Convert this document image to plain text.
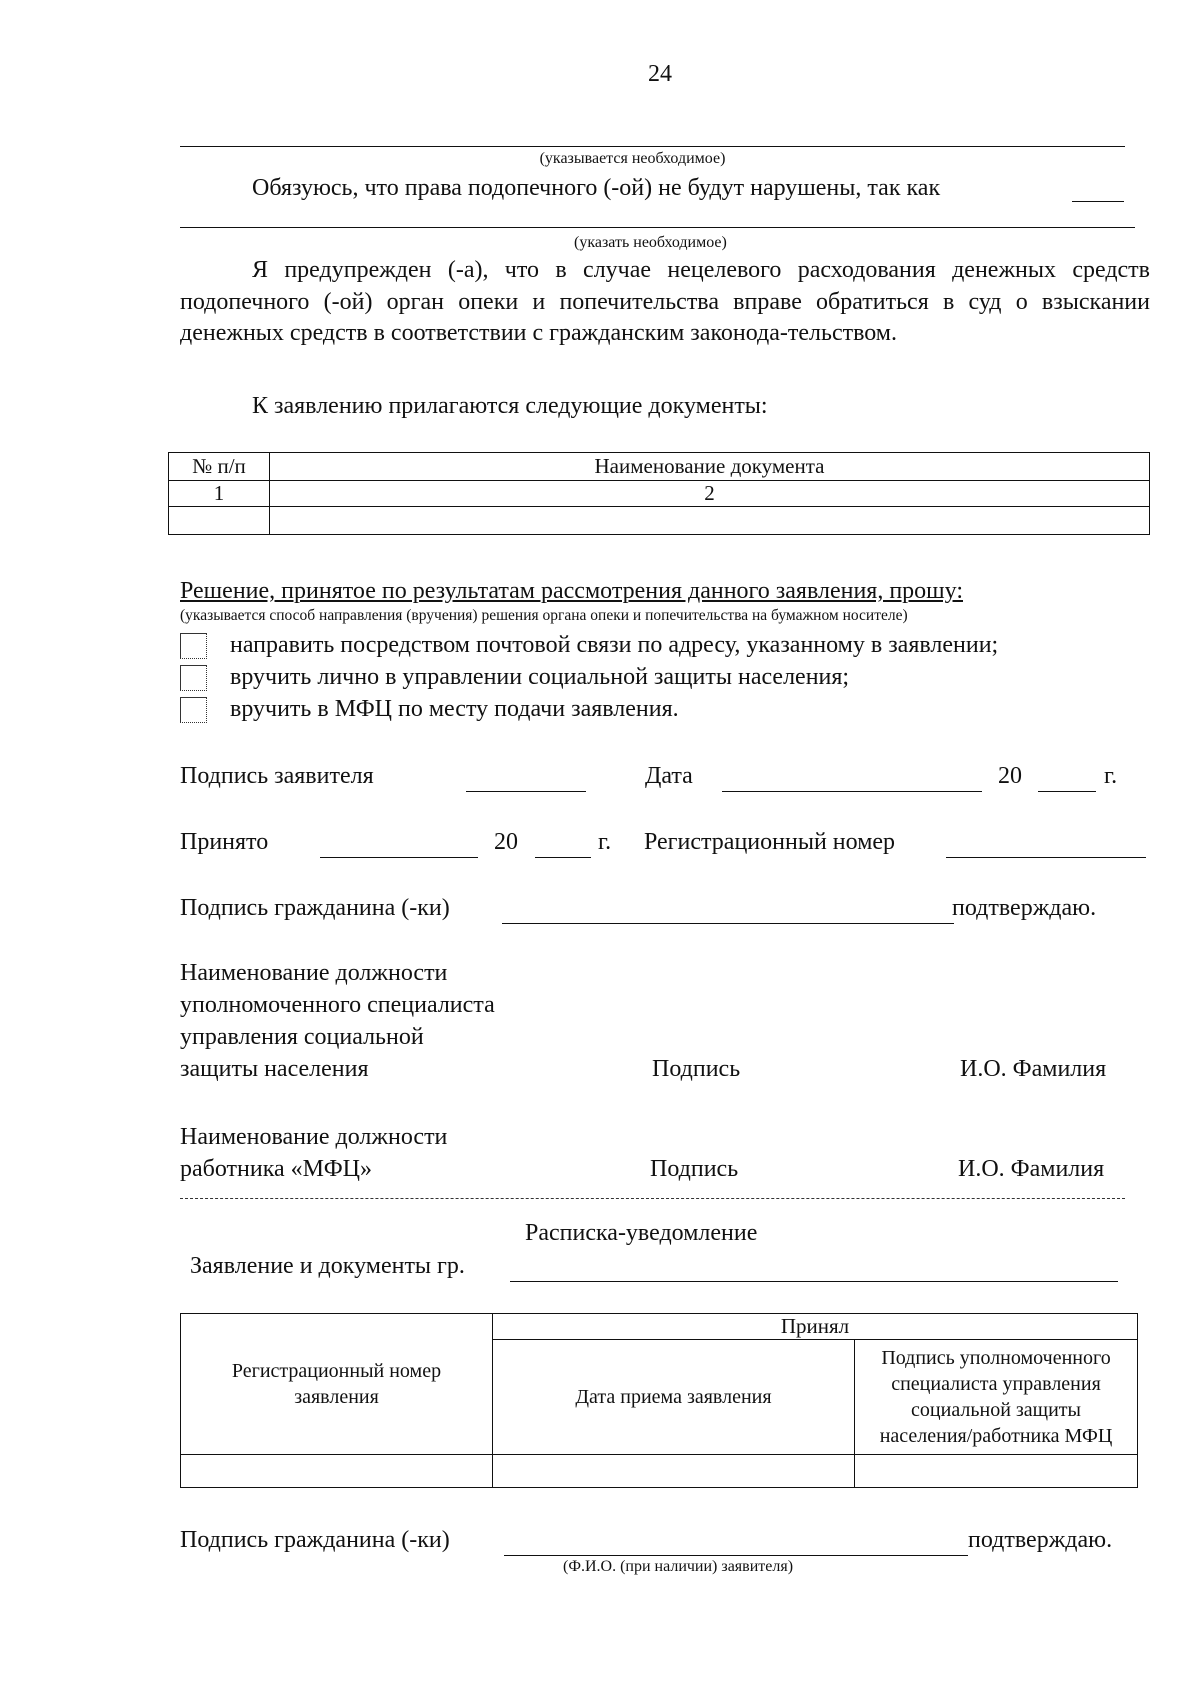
24
(указывается необходимое)
Обязуюсь, что права подопечного (-ой) не будут нарушены, так как
(указать необходимое)
Я предупрежден (-а), что в случае нецелевого расходования денежных средств подопечного (-ой) орган опеки и попечительства вправе обратиться в суд о взыскании денежных средств в соответствии с гражданским законода-тельством.
К заявлению прилагаются следующие документы:
№ п/п	Наименование документа
1	2

Решение, принятое по результатам рассмотрения данного заявления, прошу:
(указывается способ направления (вручения) решения органа опеки и попечительства на бумажном носителе)
направить посредством почтовой связи по адресу, указанному в заявлении;
вручить лично в управлении социальной защиты населения;
вручить в МФЦ по месту подачи заявления.
Подпись заявителя	Дата	20	г.
Принято	20	г. Регистрационный номер
Подпись гражданина (-ки)	подтверждаю.
Наименование должности
уполномоченного специалиста
управления социальной
защиты населения	Подпись	И.О. Фамилия
Наименование должности
работника «МФЦ»	Подпись	И.О. Фамилия
Расписка-уведомление
Заявление и документы гр.
Регистрационный номер заявления	Принял	
	Дата приема заявления	Подпись уполномоченного специалиста управления социальной защиты населения/работника МФЦ

Подпись гражданина (-ки)	подтверждаю.
(Ф.И.О. (при наличии) заявителя)
